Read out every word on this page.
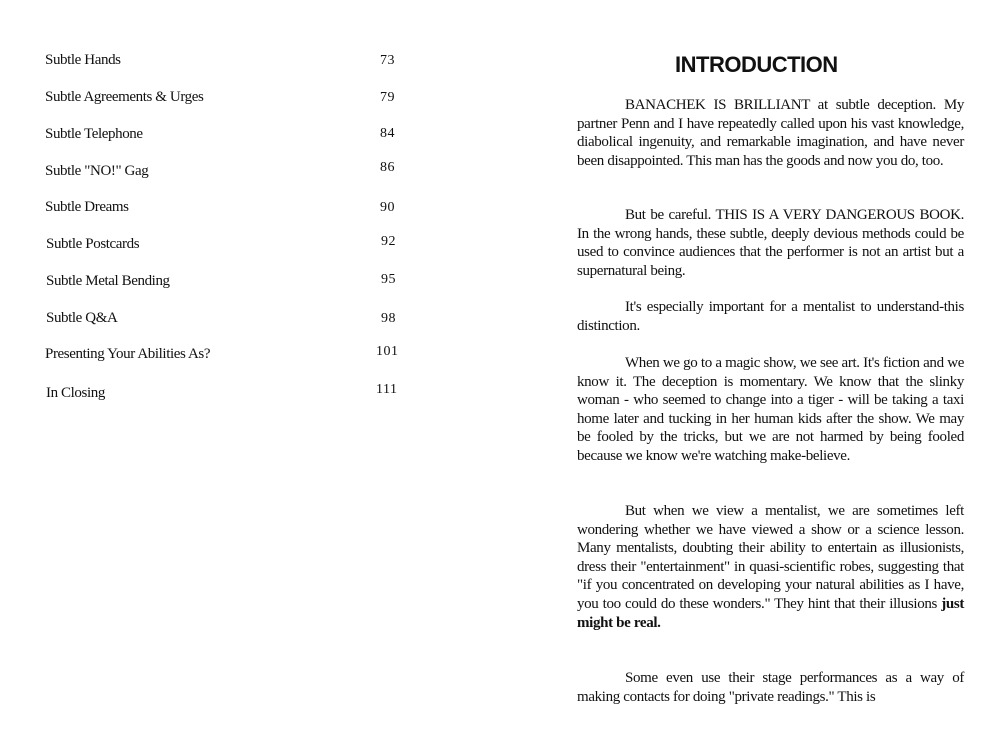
Subtle Hands	73
Subtle Agreements & Urges	79
Subtle Telephone	84
Subtle "NO!" Gag	86
Subtle Dreams	90
Subtle Postcards	92
Subtle Metal Bending	95
Subtle Q&A	98
Presenting Your Abilities As?	101
In Closing	111
INTRODUCTION

BANACHEK IS BRILLIANT at subtle deception. My partner Penn and I have repeatedly called upon his vast knowledge, diabolical ingenuity, and remarkable imagination, and have never been disappointed. This man has the goods and now you do, too.

But be careful. THIS IS A VERY DANGEROUS BOOK. In the wrong hands, these subtle, deeply devious methods could be used to convince audiences that the performer is not an artist but a supernatural being.

It's especially important for a mentalist to understand-this distinction.

When we go to a magic show, we see art. It's fiction and we know it. The deception is momentary. We know that the slinky woman - who seemed to change into a tiger - will be taking a taxi home later and tucking in her human kids after the show. We may be fooled by the tricks, but we are not harmed by being fooled because we know we're watching make-believe.

But when we view a mentalist, we are sometimes left wondering whether we have viewed a show or a science lesson. Many mentalists, doubting their ability to entertain as illusionists, dress their "entertainment" in quasi-scientific robes, suggesting that "if you concentrated on developing your natural abilities as I have, you too could do these wonders." They hint that their illusions just might be real.

Some even use their stage performances as a way of making contacts for doing "private readings." This is
